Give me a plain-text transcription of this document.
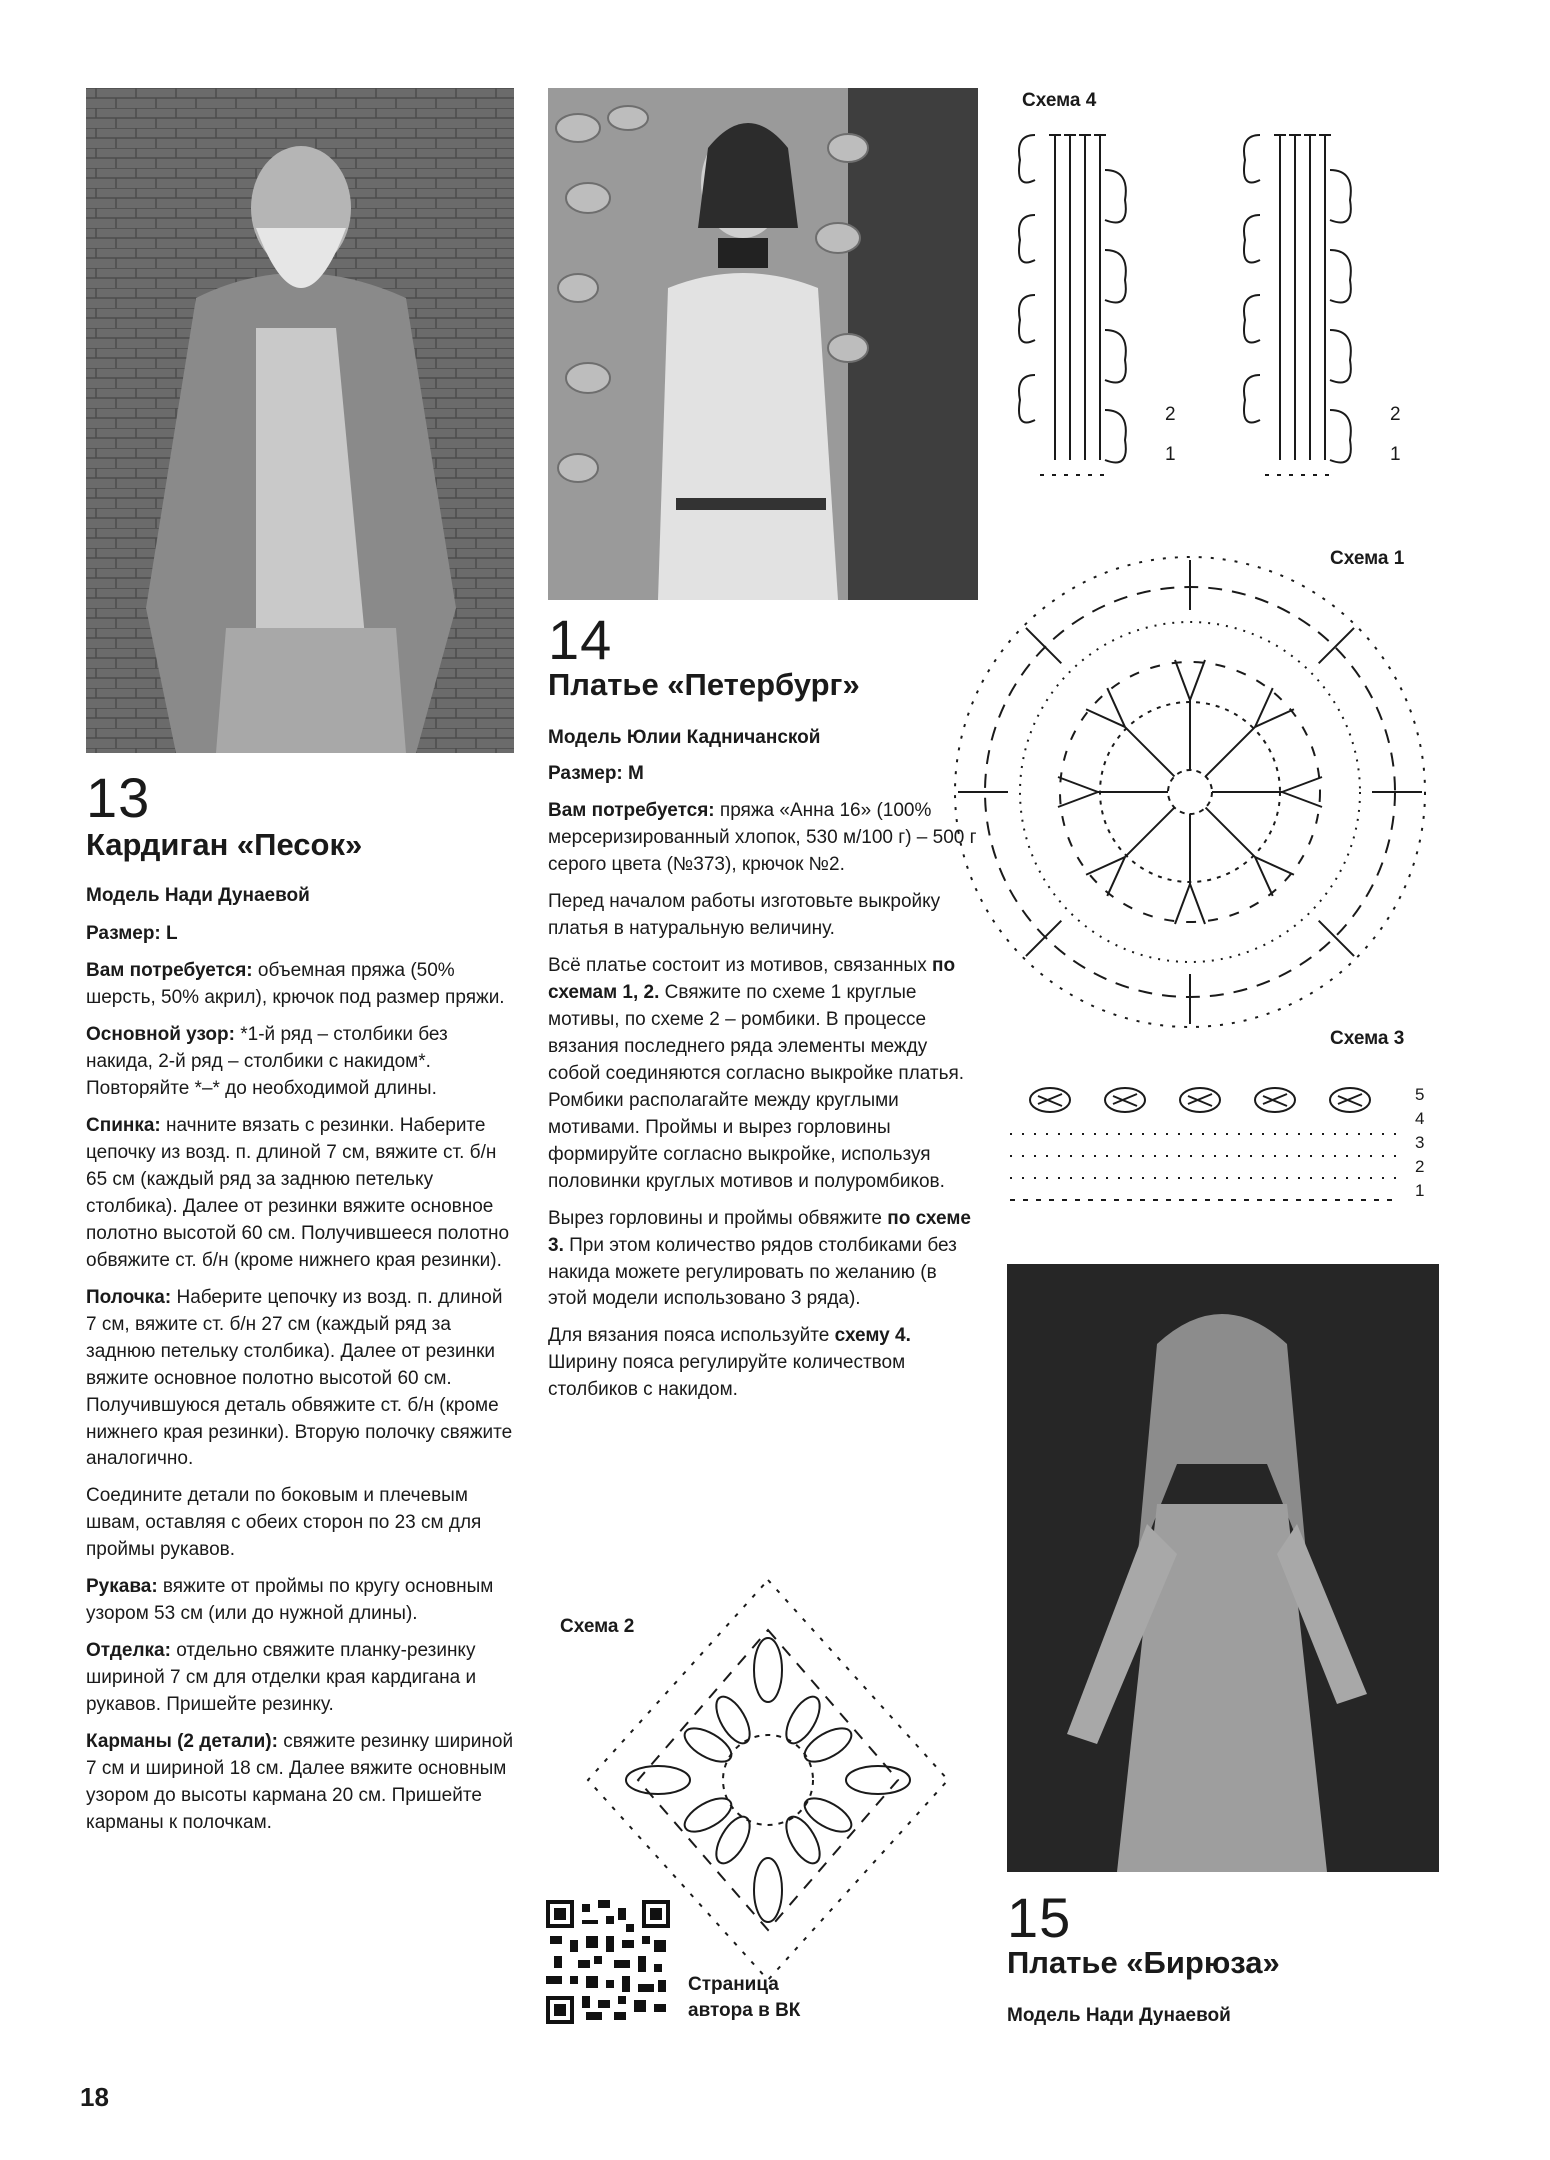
13
Кардиган «Песок»
Модель Нади Дунаевой
Размер: L

Вам потребуется: объемная пряжа (50% шерсть, 50% акрил), крючок под размер пряжи.

Основной узор: *1-й ряд – столбики без накида, 2-й ряд – столбики с накидом*. Повторяйте *–* до необходимой длины.

Спинка: начните вязать с резинки. Наберите цепочку из возд. п. длиной 7 см, вяжите ст. б/н 65 см (каждый ряд за заднюю петельку столбика). Далее от резинки вяжите основное полотно высотой 60 см. Получившееся полотно обвяжите ст. б/н (кроме нижнего края резинки).

Полочка: Наберите цепочку из возд. п. длиной 7 см, вяжите ст. б/н 27 см (каждый ряд за заднюю петельку столбика). Далее от резинки вяжите основное полотно высотой 60 см. Получившуюся деталь обвяжите ст. б/н (кроме нижнего края резинки). Вторую полочку свяжите аналогично.

Соедините детали по боковым и плечевым швам, оставляя с обеих сторон по 23 см для проймы рукавов.

Рукава: вяжите от проймы по кругу основным узором 53 см (или до нужной длины).

Отделка: отдельно свяжите планку-резинку шириной 7 см для отделки края кардигана и рукавов. Пришейте резинку.

Карманы (2 детали): свяжите резинку шириной 7 см и шириной 18 см. Далее вяжите основным узором до высоты кармана 20 см. Пришейте карманы к полочкам.

14
Платье «Петербург»
Модель Юлии Кадничанской
Размер: M

Вам потребуется: пряжа «Анна 16» (100% мерсеризированный хлопок, 530 м/100 г) – 500 г серого цвета (№373), крючок №2.

Перед началом работы изготовьте выкройку платья в натуральную величину.

Всё платье состоит из мотивов, связанных по схемам 1, 2. Свяжите по схеме 1 круглые мотивы, по схеме 2 – ромбики. В процессе вязания последнего ряда элементы между собой соединяются согласно выкройке платья. Ромбики располагайте между круглыми мотивами. Проймы и вырез горловины формируйте согласно выкройке, используя половинки круглых мотивов и полуромбиков.

Вырез горловины и проймы обвяжите по схеме 3. При этом количество рядов столбиками без накида можете регулировать по желанию (в этой модели использовано 3 ряда).

Для вязания пояса используйте схему 4. Ширину пояса регулируйте количеством столбиков с накидом.

15
Платье «Бирюза»
Модель Нади Дунаевой
Схема 4
2
1
2
1
Схема 1
Схема 3
5
4
3
2
1
Схема 2
Страница
автора в ВК
18
